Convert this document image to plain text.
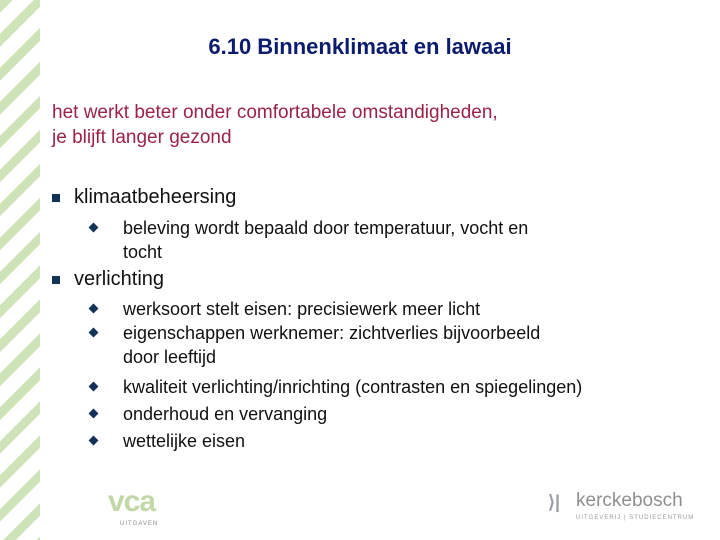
6.10 Binnenklimaat en lawaai
het werkt beter onder comfortabele omstandigheden,
je blijft langer gezond
klimaatbeheersing
beleving wordt bepaald door temperatuur, vocht en
tocht
verlichting
werksoort stelt eisen: precisiewerk meer licht
eigenschappen werknemer: zichtverlies bijvoorbeeld
door leeftijd
kwaliteit verlichting/inrichting (contrasten en spiegelingen)
onderhoud en vervanging
wettelijke eisen
vca
UITGAVEN
⟩| kerckebosch
UITGEVERIJ | STUDIECENTRUM
